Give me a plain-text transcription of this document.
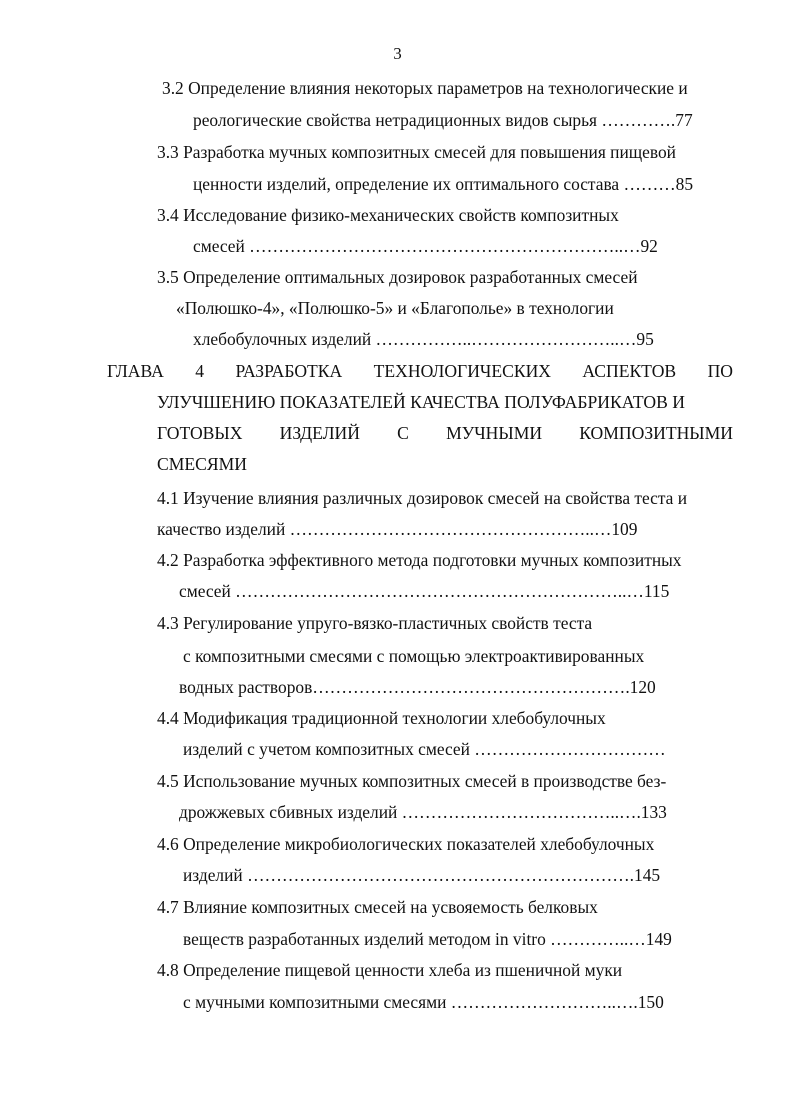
3
3.2 Определение влияния некоторых параметров на технологические и
реологические свойства нетрадиционных видов сырья ………….77
3.3 Разработка мучных композитных смесей для повышения пищевой
ценности изделий, определение их оптимального состава ………85
3.4 Исследование физико-механических свойств композитных
смесей ………………………………………………………..…92
3.5 Определение оптимальных дозировок разработанных смесей
«Полюшко-4», «Полюшко-5» и «Благополье» в технологии
хлебобулочных изделий ……………..……………………..…95
ГЛАВА 4 РАЗРАБОТКА ТЕХНОЛОГИЧЕСКИХ АСПЕКТОВ ПО
УЛУЧШЕНИЮ ПОКАЗАТЕЛЕЙ КАЧЕСТВА ПОЛУФАБРИКАТОВ И
ГОТОВЫХ ИЗДЕЛИЙ С МУЧНЫМИ КОМПОЗИТНЫМИ
СМЕСЯМИ
4.1 Изучение влияния различных дозировок смесей на свойства теста и
качество изделий ……………………………………………..…109
4.2 Разработка эффективного метода подготовки мучных композитных
смесей …………………………………………………………..…115
4.3 Регулирование упруго-вязко-пластичных свойств теста
с композитными смесями с помощью электроактивированных
водных растворов……………………………………………….120
4.4 Модификация традиционной технологии хлебобулочных
изделий с учетом композитных смесей ……………………………
4.5 Использование мучных композитных смесей в производстве без-
дрожжевых сбивных изделий ………………………………..….133
4.6 Определение микробиологических показателей хлебобулочных
изделий ………………………………………………………….145
4.7 Влияние композитных смесей на усвояемость белковых
веществ разработанных изделий методом in vitro …………..…149
4.8 Определение пищевой ценности хлеба из пшеничной муки
с мучными композитными смесями ………………………..….150
